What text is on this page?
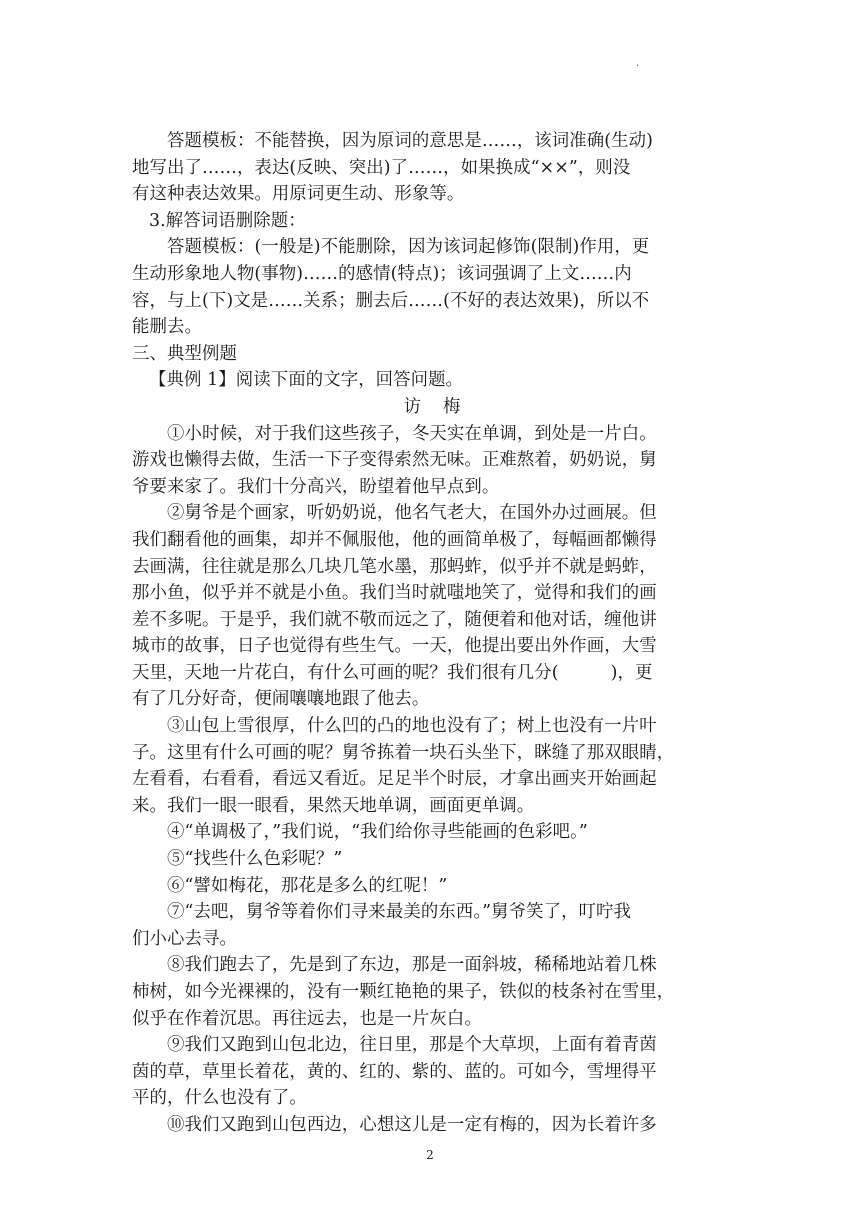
.
答题模板：不能替换，因为原词的意思是……，该词准确(生动)
地写出了……，表达(反映、突出)了……，如果换成“××”，则没
有这种表达效果。用原词更生动、形象等。
3.解答词语删除题：
答题模板：(一般是)不能删除，因为该词起修饰(限制)作用，更
生动形象地人物(事物)……的感情(特点)；该词强调了上文……内
容，与上(下)文是……关系；删去后……(不好的表达效果)，所以不
能删去。
三、典型例题
【典例 1】阅读下面的文字，回答问题。
访 梅
①小时候，对于我们这些孩子，冬天实在单调，到处是一片白。
游戏也懒得去做，生活一下子变得索然无味。正难熬着，奶奶说，舅
爷要来家了。我们十分高兴，盼望着他早点到。
②舅爷是个画家，听奶奶说，他名气老大，在国外办过画展。但
我们翻看他的画集，却并不佩服他，他的画简单极了，每幅画都懒得
去画满，往往就是那么几块几笔水墨，那蚂蚱，似乎并不就是蚂蚱，
那小鱼，似乎并不就是小鱼。我们当时就嗤地笑了，觉得和我们的画
差不多呢。于是乎，我们就不敬而远之了，随便着和他对话，缠他讲
城市的故事，日子也觉得有些生气。一天，他提出要出外作画，大雪
天里，天地一片花白，有什么可画的呢？我们很有几分(	)，更
有了几分好奇，便闹嚷嚷地跟了他去。
③山包上雪很厚，什么凹的凸的地也没有了；树上也没有一片叶
子。这里有什么可画的呢？舅爷拣着一块石头坐下，眯缝了那双眼睛，
左看看，右看看，看远又看近。足足半个时辰，才拿出画夹开始画起
来。我们一眼一眼看，果然天地单调，画面更单调。
④“单调极了，”我们说，“我们给你寻些能画的色彩吧。”
⑤“找些什么色彩呢？”
⑥“譬如梅花，那花是多么的红呢！”
⑦“去吧，舅爷等着你们寻来最美的东西。”舅爷笑了，叮咛我
们小心去寻。
⑧我们跑去了，先是到了东边，那是一面斜坡，稀稀地站着几株
柿树，如今光裸裸的，没有一颗红艳艳的果子，铁似的枝条衬在雪里，
似乎在作着沉思。再往远去，也是一片灰白。
⑨我们又跑到山包北边，往日里，那是个大草坝，上面有着青茵
茵的草，草里长着花，黄的、红的、紫的、蓝的。可如今，雪埋得平
平的，什么也没有了。
⑩我们又跑到山包西边，心想这儿是一定有梅的，因为长着许多
2
